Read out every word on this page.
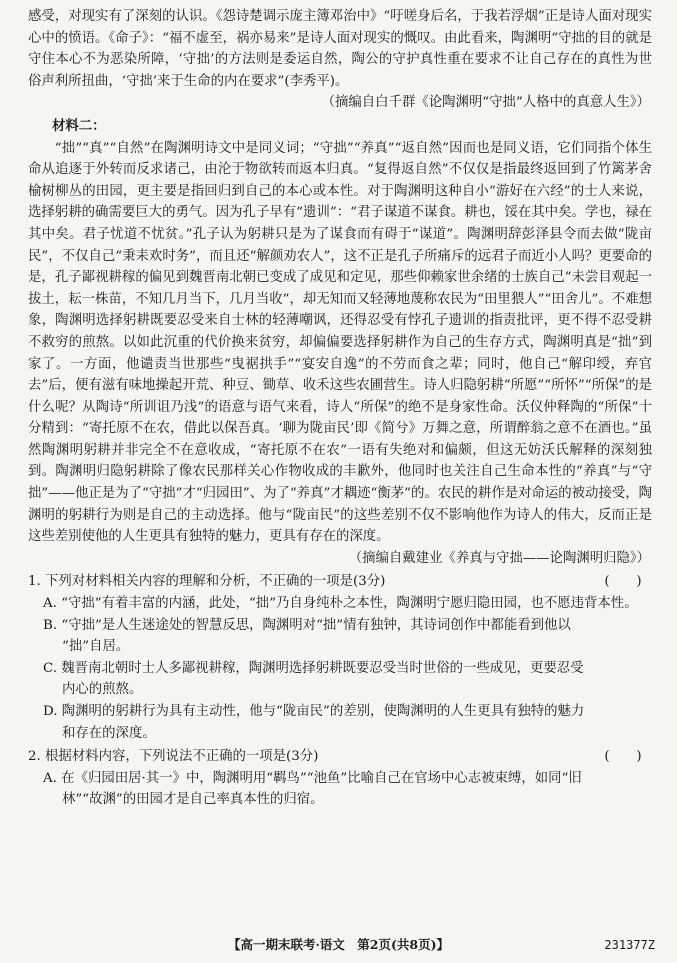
感受，对现实有了深刻的认识。《怨诗楚调示庞主簿邓治中》“吁嗟身后名，于我若浮烟”正是诗人面对现实心中的愤语。《命子》：“福不虚至，祸亦易来”是诗人面对现实的慨叹。由此看来，陶渊明“守拙的目的就是守住本心不为恶染所障，‘守拙’的方法则是委运自然，陶公的守护真性重在要求不让自己存在的真性为世俗声利所扭曲，‘守拙’来于生命的内在要求”(李秀平)。

（摘编自白千群《论陶渊明“守拙”人格中的真意人生》）

材料二：

“拙”“真”“自然”在陶渊明诗文中是同义词；“守拙”“养真”“返自然”因而也是同义语，它们同指个体生命从追逐于外转而反求诸己，由沦于物欲转而返本归真。“复得返自然”不仅仅是指最终返回到了竹篱茅舍榆树柳丛的田园，更主要是指回归到自己的本心或本性。对于陶渊明这种自小“游好在六经”的士人来说，选择躬耕的确需要巨大的勇气。因为孔子早有“遗训”：“君子谋道不谋食。耕也，馁在其中矣。学也，禄在其中矣。君子忧道不忧贫。”孔子认为躬耕只是为了谋食而有碍于“谋道”。陶渊明辞彭泽县令而去做“陇亩民”，不仅自己“秉耒欢时务”，而且还“解颜劝农人”，这不正是孔子所痛斥的远君子而近小人吗？更要命的是，孔子鄙视耕稼的偏见到魏晋南北朝已变成了成见和定见，那些仰赖家世余绪的士族自己“未尝目观起一拔土，耘一株苗，不知几月当下，几月当收”，却无知而又轻薄地蔑称农民为“田里猥人”“田舍儿”。不难想象，陶渊明选择躬耕既要忍受来自士林的轻薄嘲讽，还得忍受有悖孔子遗训的指责批评，更不得不忍受耕不救穷的煎熬。以如此沉重的代价换来贫穷，却偏偏要选择躬耕作为自己的生存方式，陶渊明真是“拙”到家了。一方面，他谴责当世那些“曳裾拱手”“宴安自逸”的不劳而食之辈；同时，他自己“解印绶，弃官去”后，便有滋有味地操起开荒、种豆、锄草、收禾这些农圃营生。诗人归隐躬耕“所愿”“所怀”“所保”的是什么呢？从陶诗“所训诅乃浅”的语意与语气来看，诗人“所保”的绝不是身家性命。沃仪仲释陶的“所保”十分精到：“寄托原不在农，借此以保吾真。‘聊为陇亩民’即《简兮》万舞之意，所谓醉翁之意不在酒也。”虽然陶渊明躬耕并非完全不在意收成，“寄托原不在农”一语有失绝对和偏颇，但这无妨沃氏解释的深刻独到。陶渊明归隐躬耕除了像农民那样关心作物收成的丰歉外，他同时也关注自己生命本性的“养真”与“守拙”——他正是为了“守拙”才“归园田”、为了“养真”才耦迹“衡茅”的。农民的耕作是对命运的被动接受，陶渊明的躬耕行为则是自己的主动选择。他与“陇亩民”的这些差别不仅不影响他作为诗人的伟大，反而正是这些差别使他的人生更具有独特的魅力，更具有存在的深度。

（摘编自戴建业《养真与守拙——论陶渊明归隐》）

1. 下列对材料相关内容的理解和分析，不正确的一项是(3分)	(　　)

A. “守拙”有着丰富的内涵，此处，“拙”乃自身纯朴之本性，陶渊明宁愿归隐田园，也不愿违背本性。

B. “守拙”是人生迷途处的智慧反思，陶渊明对“拙”情有独钟，其诗词创作中都能看到他以

“拙”自居。

C. 魏晋南北朝时士人多鄙视耕稼，陶渊明选择躬耕既要忍受当时世俗的一些成见，更要忍受

内心的煎熬。

D. 陶渊明的躬耕行为具有主动性，他与“陇亩民”的差别，使陶渊明的人生更具有独特的魅力

和存在的深度。

2. 根据材料内容，下列说法不正确的一项是(3分)	(　　)

A. 在《归园田居·其一》中，陶渊明用“羁鸟”“池鱼”比喻自己在官场中心志被束缚，如同“旧

林”“故渊”的田园才是自己率真本性的归宿。

【高一期末联考·语文　第2页(共8页)】	231377Z
